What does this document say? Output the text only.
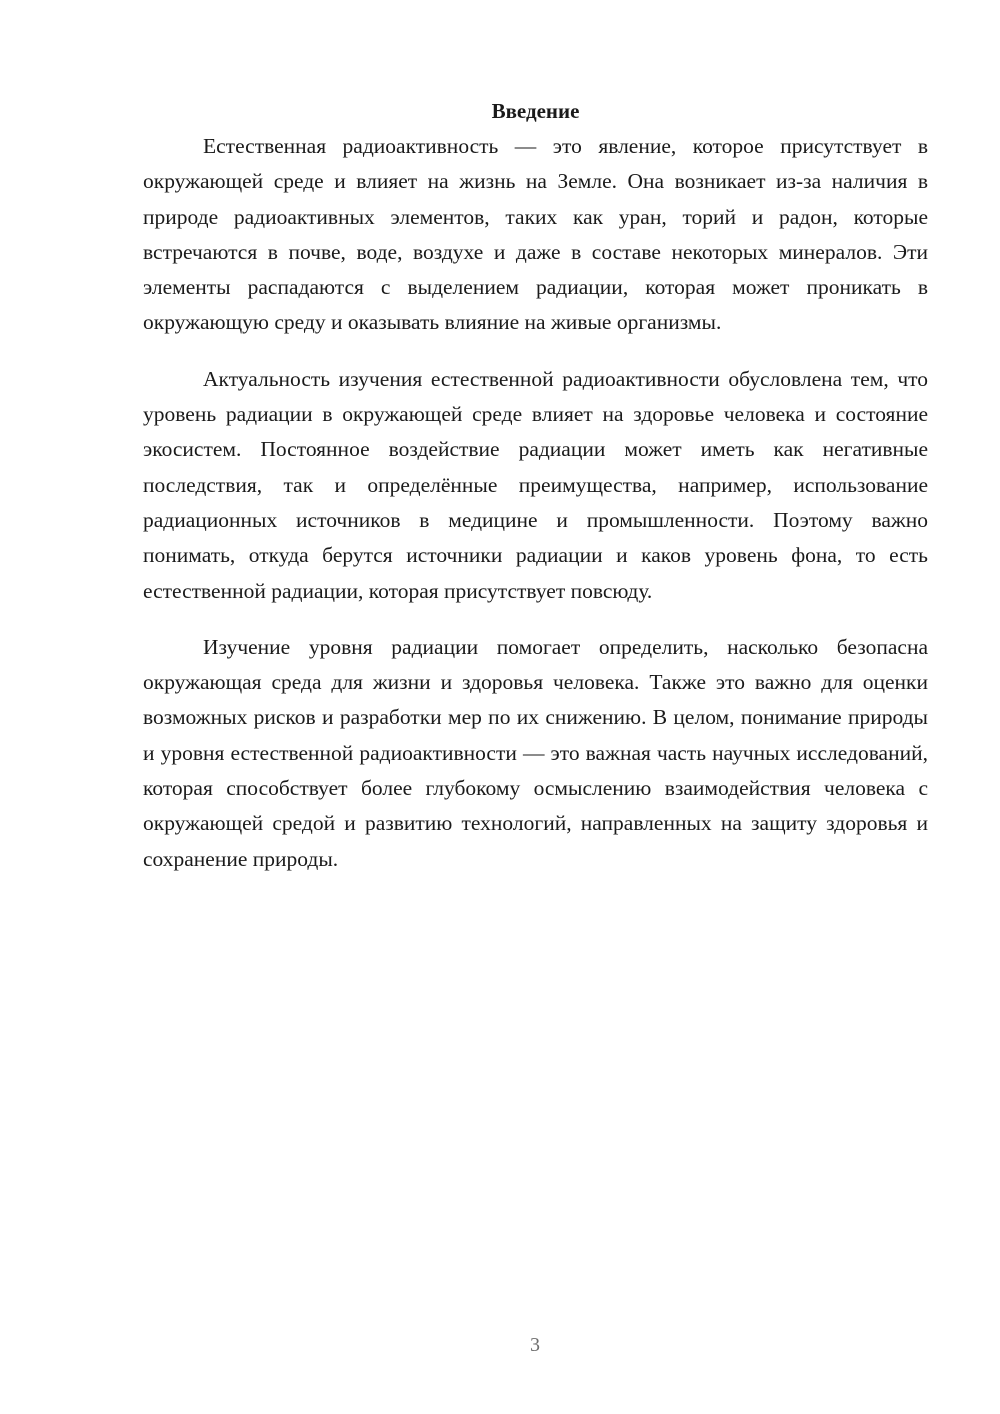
Введение

Естественная радиоактивность — это явление, которое присутствует в окружающей среде и влияет на жизнь на Земле. Она возникает из-за наличия в природе радиоактивных элементов, таких как уран, торий и радон, которые встречаются в почве, воде, воздухе и даже в составе некоторых минералов. Эти элементы распадаются с выделением радиации, которая может проникать в окружающую среду и оказывать влияние на живые организмы.

Актуальность изучения естественной радиоактивности обусловлена тем, что уровень радиации в окружающей среде влияет на здоровье человека и состояние экосистем. Постоянное воздействие радиации может иметь как негативные последствия, так и определённые преимущества, например, использование радиационных источников в медицине и промышленности. Поэтому важно понимать, откуда берутся источники радиации и каков уровень фона, то есть естественной радиации, которая присутствует повсюду.

Изучение уровня радиации помогает определить, насколько безопасна окружающая среда для жизни и здоровья человека. Также это важно для оценки возможных рисков и разработки мер по их снижению. В целом, понимание природы и уровня естественной радиоактивности — это важная часть научных исследований, которая способствует более глубокому осмыслению взаимодействия человека с окружающей средой и развитию технологий, направленных на защиту здоровья и сохранение природы.

3
